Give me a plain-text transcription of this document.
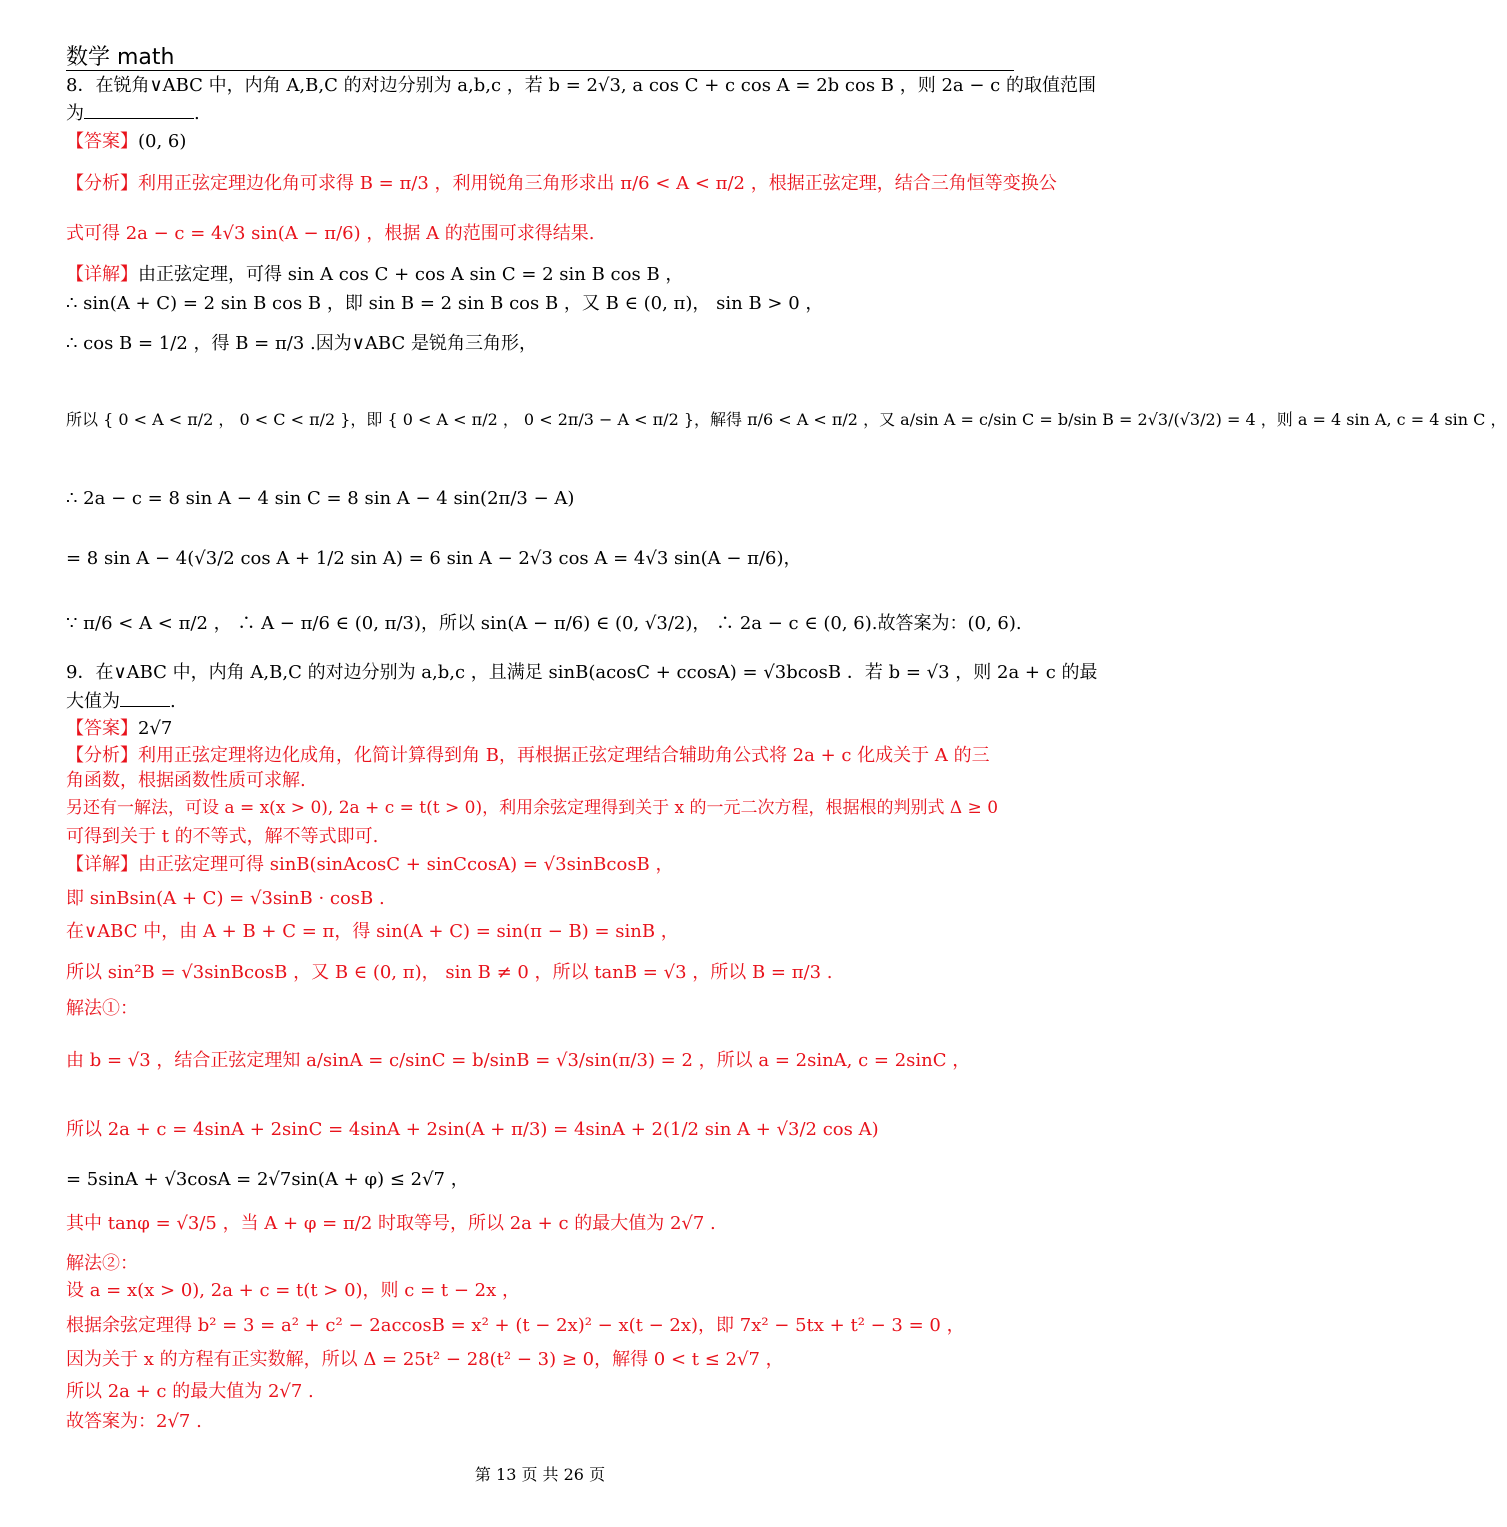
数学 math
8．在锐角∨ABC 中，内角 A,B,C 的对边分别为 a,b,c ，若 b = 2√3, a cos C + c cos A = 2b cos B ，则 2a − c 的取值范围
为	.
【答案】(0, 6)
【分析】利用正弦定理边化角可求得 B = π/3 ，利用锐角三角形求出 π/6 < A < π/2 ，根据正弦定理，结合三角恒等变换公
式可得 2a − c = 4√3 sin(A − π/6) ，根据 A 的范围可求得结果.
【详解】由正弦定理，可得 sin A cos C + cos A sin C = 2 sin B cos B ，
∴ sin(A + C) = 2 sin B cos B ，即 sin B = 2 sin B cos B ，又 B ∈ (0, π)， sin B > 0 ，
∴ cos B = 1/2 ，得 B = π/3 .因为∨ABC 是锐角三角形，
所以 { 0 < A < π/2 ， 0 < C < π/2 }，即 { 0 < A < π/2 ， 0 < 2π/3 − A < π/2 }，解得 π/6 < A < π/2 ，又 a/sin A = c/sin C = b/sin B = 2√3/(√3/2) = 4 ，则 a = 4 sin A, c = 4 sin C ，
∴ 2a − c = 8 sin A − 4 sin C = 8 sin A − 4 sin(2π/3 − A)
= 8 sin A − 4(√3/2 cos A + 1/2 sin A) = 6 sin A − 2√3 cos A = 4√3 sin(A − π/6)，
∵ π/6 < A < π/2 ， ∴ A − π/6 ∈ (0, π/3)，所以 sin(A − π/6) ∈ (0, √3/2)， ∴ 2a − c ∈ (0, 6).故答案为：(0, 6).
9．在∨ABC 中，内角 A,B,C 的对边分别为 a,b,c ，且满足 sinB(acosC + ccosA) = √3bcosB ．若 b = √3 ，则 2a + c 的最
大值为	.
【答案】2√7
【分析】利用正弦定理将边化成角，化简计算得到角 B，再根据正弦定理结合辅助角公式将 2a + c 化成关于 A 的三
角函数，根据函数性质可求解.
另还有一解法，可设 a = x(x > 0), 2a + c = t(t > 0)，利用余弦定理得到关于 x 的一元二次方程，根据根的判别式 Δ ≥ 0
可得到关于 t 的不等式，解不等式即可.
【详解】由正弦定理可得 sinB(sinAcosC + sinCcosA) = √3sinBcosB ，
即 sinBsin(A + C) = √3sinB · cosB .
在∨ABC 中，由 A + B + C = π，得 sin(A + C) = sin(π − B) = sinB ，
所以 sin²B = √3sinBcosB ，又 B ∈ (0, π)， sin B ≠ 0 ，所以 tanB = √3 ，所以 B = π/3 .
解法①：
由 b = √3 ，结合正弦定理知 a/sinA = c/sinC = b/sinB = √3/sin(π/3) = 2 ，所以 a = 2sinA, c = 2sinC ，
所以 2a + c = 4sinA + 2sinC = 4sinA + 2sin(A + π/3) = 4sinA + 2(1/2 sin A + √3/2 cos A)
= 5sinA + √3cosA = 2√7sin(A + φ) ≤ 2√7 ，
其中 tanφ = √3/5 ，当 A + φ = π/2 时取等号，所以 2a + c 的最大值为 2√7 .
解法②：
设 a = x(x > 0), 2a + c = t(t > 0)，则 c = t − 2x ，
根据余弦定理得 b² = 3 = a² + c² − 2accosB = x² + (t − 2x)² − x(t − 2x)，即 7x² − 5tx + t² − 3 = 0 ，
因为关于 x 的方程有正实数解，所以 Δ = 25t² − 28(t² − 3) ≥ 0，解得 0 < t ≤ 2√7 ，
所以 2a + c 的最大值为 2√7 .
故答案为：2√7 .
第 13 页 共 26 页
